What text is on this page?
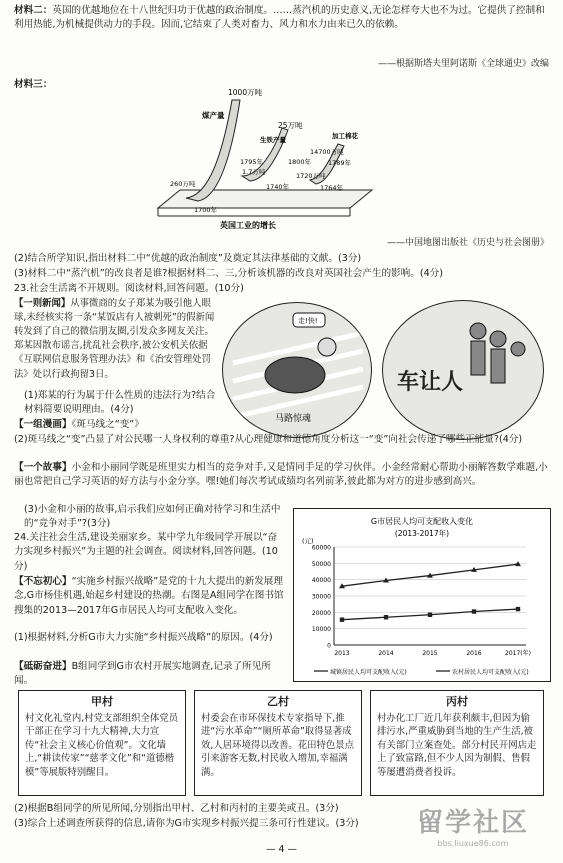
材料二：英国的优越地位在十八世纪归功于优越的政治制度。……蒸汽机的历史意义,无论怎样夸大也不为过。它提供了控制和利用热能,为机械提供动力的手段。因而,它结束了人类对畜力、风力和水力由来已久的依赖。
——根据斯塔夫里阿诺斯《全球通史》改编
材料三：
1000万吨
煤产量
1795年
260万吨
1700年
25万吨
生铁产量
1800年
1.7万吨
1740年
加工棉花
14700万吨
1789年
1720万吨
1764年
英国工业的增长
——中国地图出版社《历史与社会图册》
(2)结合所学知识,指出材料二中“优越的政治制度”及奠定其法律基础的文献。(3分)
(3)材料二中“蒸汽机”的改良者是谁?根据材料二、三,分析该机器的改良对英国社会产生的影响。(4分)
23.社会生活离不开规则。阅读材料,回答问题。(10分)
【一则新闻】从事微商的女子郑某为吸引他人眼球,未经核实将一条“某饭店有人被刺死”的假新闻转发到了自己的微信朋友圈,引发众多网友关注。郑某因散布谣言,扰乱社会秩序,被公安机关依据《互联网信息服务管理办法》和《治安管理处罚法》处以行政拘留3日。
走!快!
马路惊魂
车让人
(1)郑某的行为属于什么性质的违法行为?结合材料简要说明理由。(4分)
【一组漫画】《斑马线之“变”》
(2)斑马线之“变”凸显了对公民哪一人身权利的尊重?从心理健康和道德角度分析这一“变”向社会传递了哪些正能量?(4分)
【一个故事】小金和小丽同学既是班里实力相当的竞争对手,又是情同手足的学习伙伴。小金经常耐心帮助小丽解答数学难题,小丽也常把自己学习英语的好方法与小金分享。嘿!她们每次考试成绩均名列前茅,彼此都为对方的进步感到高兴。
(3)小金和小丽的故事,启示我们应如何正确对待学习和生活中的“竞争对手”?(3分)
24.关注社会生活,建设美丽家乡。某中学九年级同学开展以“奋力实现乡村振兴”为主题的社会调查。阅读材料,回答问题。(10分)
【不忘初心】“实施乡村振兴战略”是党的十九大提出的新发展理念,G市杨佳机遇,始起乡村建设的热潮。右图是A组同学在图书馆搜集的2013—2017年G市居民人均可支配收入变化。
(1)根据材料,分析G市大力实施“乡村振兴战略”的原因。(4分)
【砥砺奋进】B组同学到G市农村开展实地调查,记录了所见所闻。
G市居民人均可支配收入变化
(2013-2017年)
(元)
0
10000
20000
30000
40000
50000
60000
2013	2014	2015	2016	2017(年)
城镇居民人均可支配收入(元)	农村居民人均可支配收入(元)
甲村
村文化礼堂内,村党支部组织全体党员干部正在学习十九大精神,大力宣传“社会主义核心价值观”。文化墙上,“耕读传家”“慈孝文化”和“道德楷模”等展版特别醒目。
乙村
村委会在市环保技术专家指导下,推进“污水革命”“厕所革命”取得显著成效,人居环境得以改善。花田特色景点引来游客无数,村民收入增加,幸福满满。
丙村
村办化工厂近几年获利颇丰,但因为偷排污水,严重威胁到当地的生产生活,被有关部门立案查处。部分村民开网店走上了致富路,但不少人因为制假、售假等屡遭消费者投诉。
(2)根据B组同学的所见所闻,分别指出甲村、乙村和丙村的主要美或丑。(3分)
(3)综合上述调查所获得的信息,请你为G市实现乡村振兴提三条可行性建议。(3分)
— 4 —
留学社区
bbs.liuxue86.com
